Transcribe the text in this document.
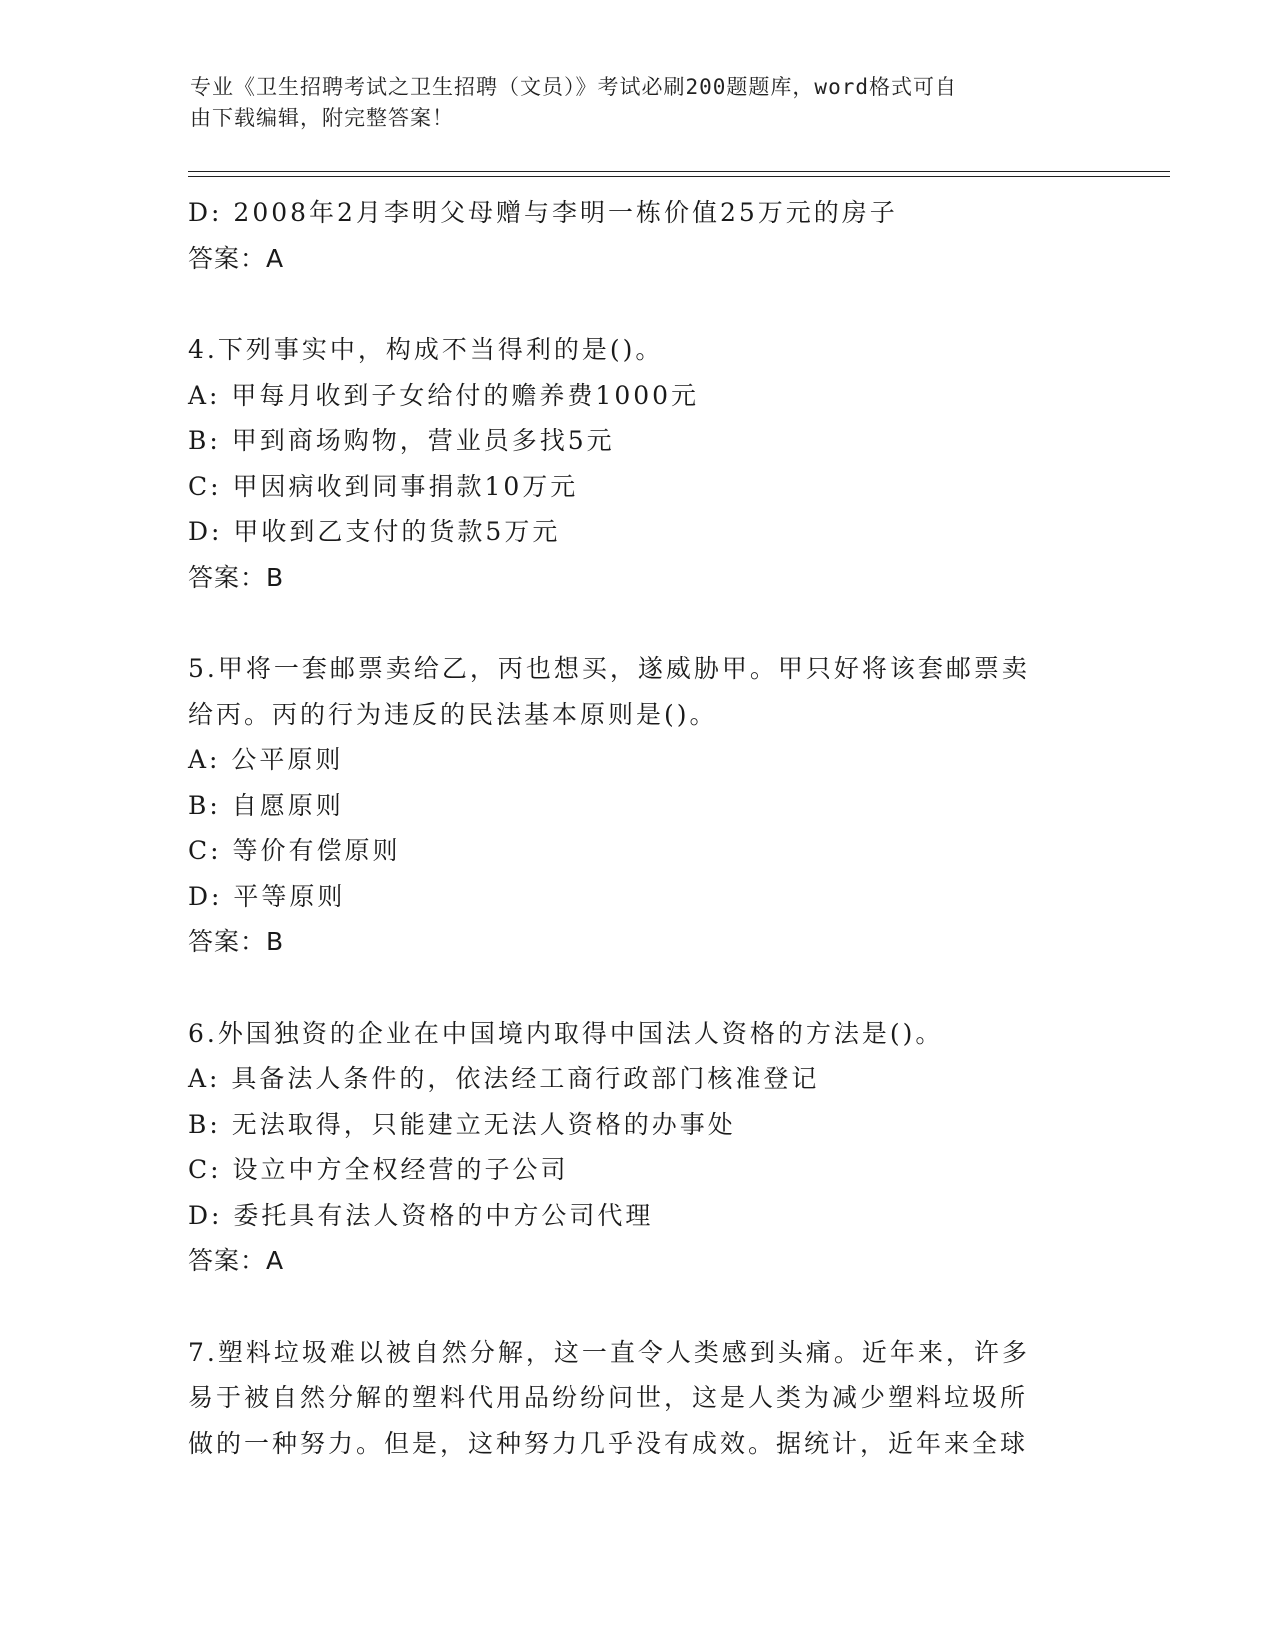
专业《卫生招聘考试之卫生招聘（文员）》考试必刷200题题库，word格式可自
由下载编辑，附完整答案！
D: 2008年2月李明父母赠与李明一栋价值25万元的房子
答案：A
4.下列事实中，构成不当得利的是()。
A: 甲每月收到子女给付的赡养费1000元
B: 甲到商场购物，营业员多找5元
C: 甲因病收到同事捐款10万元
D: 甲收到乙支付的货款5万元
答案：B
5.甲将一套邮票卖给乙，丙也想买，遂威胁甲。甲只好将该套邮票卖
给丙。丙的行为违反的民法基本原则是()。
A: 公平原则
B: 自愿原则
C: 等价有偿原则
D: 平等原则
答案：B
6.外国独资的企业在中国境内取得中国法人资格的方法是()。
A: 具备法人条件的，依法经工商行政部门核准登记
B: 无法取得，只能建立无法人资格的办事处
C: 设立中方全权经营的子公司
D: 委托具有法人资格的中方公司代理
答案：A
7.塑料垃圾难以被自然分解，这一直令人类感到头痛。近年来，许多
易于被自然分解的塑料代用品纷纷问世，这是人类为减少塑料垃圾所
做的一种努力。但是，这种努力几乎没有成效。据统计，近年来全球
